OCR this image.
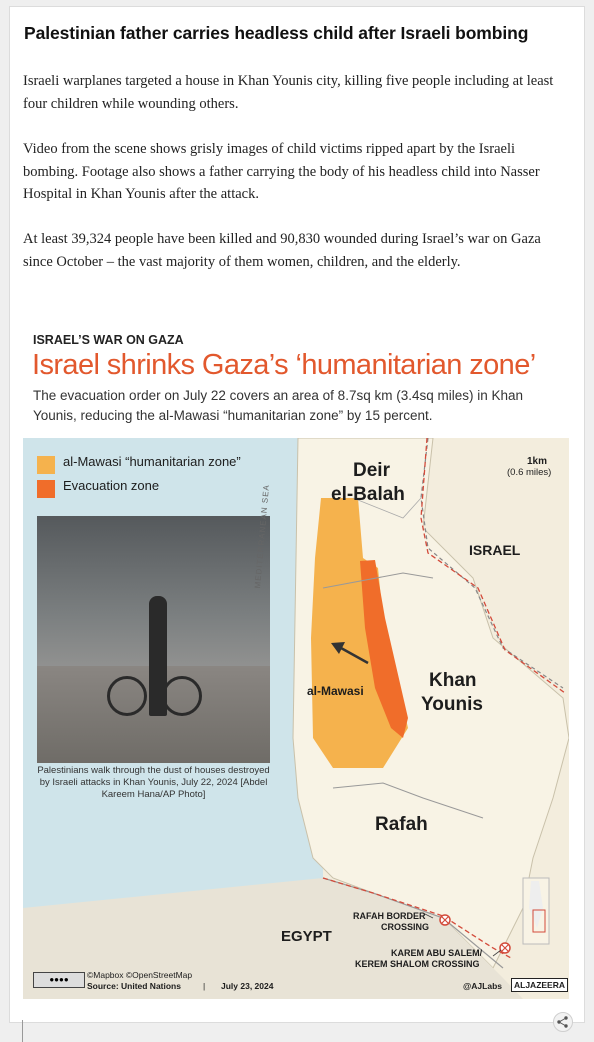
Palestinian father carries headless child after Israeli bombing

Israeli warplanes targeted a house in Khan Younis city, killing five people including at least four children while wounding others.

Video from the scene shows grisly images of child victims ripped apart by the Israeli bombing. Footage also shows a father carrying the body of his headless child into Nasser Hospital in Khan Younis after the attack.

At least 39,324 people have been killed and 90,830 wounded during Israel’s war on Gaza since October – the vast majority of them women, children, and the elderly.

ISRAEL’S WAR ON GAZA
Israel shrinks Gaza’s ‘humanitarian zone’
The evacuation order on July 22 covers an area of 8.7sq km (3.4sq miles) in Khan Younis, reducing the al-Mawasi “humanitarian zone” by 15 percent.
al-Mawasi “humanitarian zone”
Evacuation zone
Palestinians walk through the dust of houses destroyed by Israeli attacks in Khan Younis, July 22, 2024 [Abdel Kareem Hana/AP Photo]
1km
(0.6 miles)
Deir
el-Balah
ISRAEL
MEDITERRANEAN SEA
al-Mawasi	Khan
Younis
Rafah
EGYPT
RAFAH BORDER
CROSSING
KAREM ABU SALEM/
KEREM SHALOM CROSSING
●●●●	©Mapbox ©OpenStreetMap
Source: United Nations	| July 23, 2024	@AJLabs	ALJAZEERA
